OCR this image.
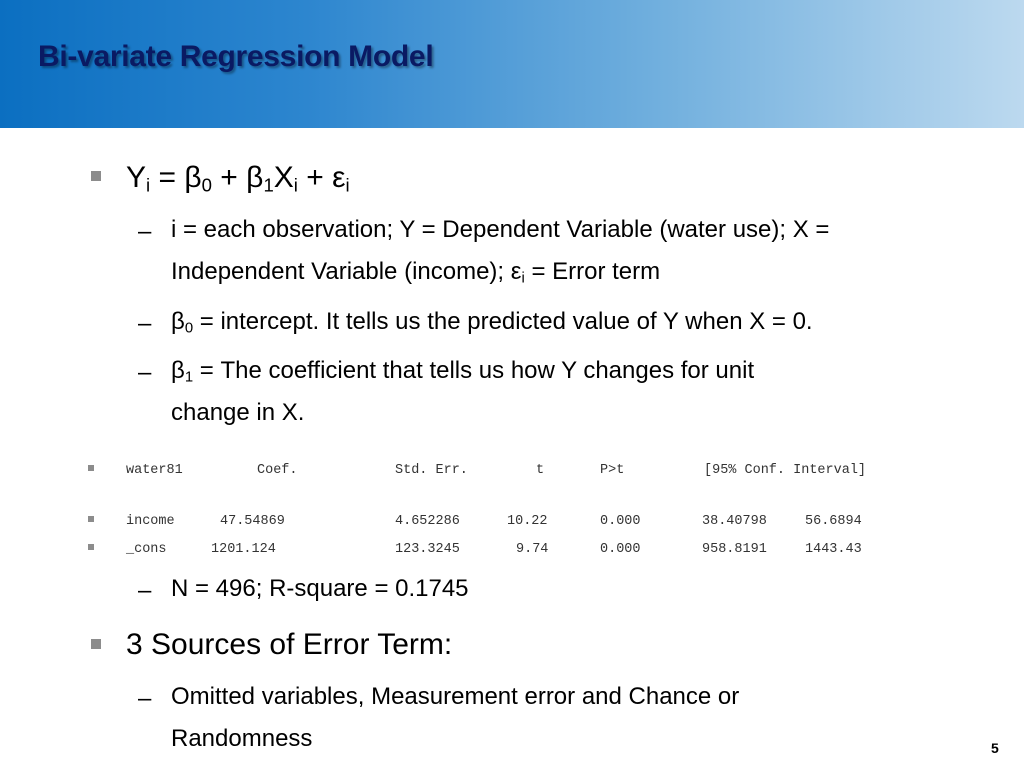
Bi-variate Regression Model
$Y_i = \beta_0 + \beta_1X_i + \varepsilon_i$
– i = each observation; Y = Dependent Variable (water use); X =
Independent Variable (income); $\varepsilon_i$ = Error term
– $\beta_0$ = intercept. It tells us the predicted value of Y when X = 0.
– $\beta_1$ = The coefficient that tells us how Y changes for unit
change in X.
water81	Coef.	Std. Err.	t	P>t	[95% Conf. Interval]
income	47.54869	4.652286	10.22	0.000	38.40798	56.6894
_cons	1201.124	123.3245	9.74	0.000	958.8191	1443.43
– N = 496; R-square = 0.1745
3 Sources of Error Term:
– Omitted variables, Measurement error and Chance or
Randomness	5
